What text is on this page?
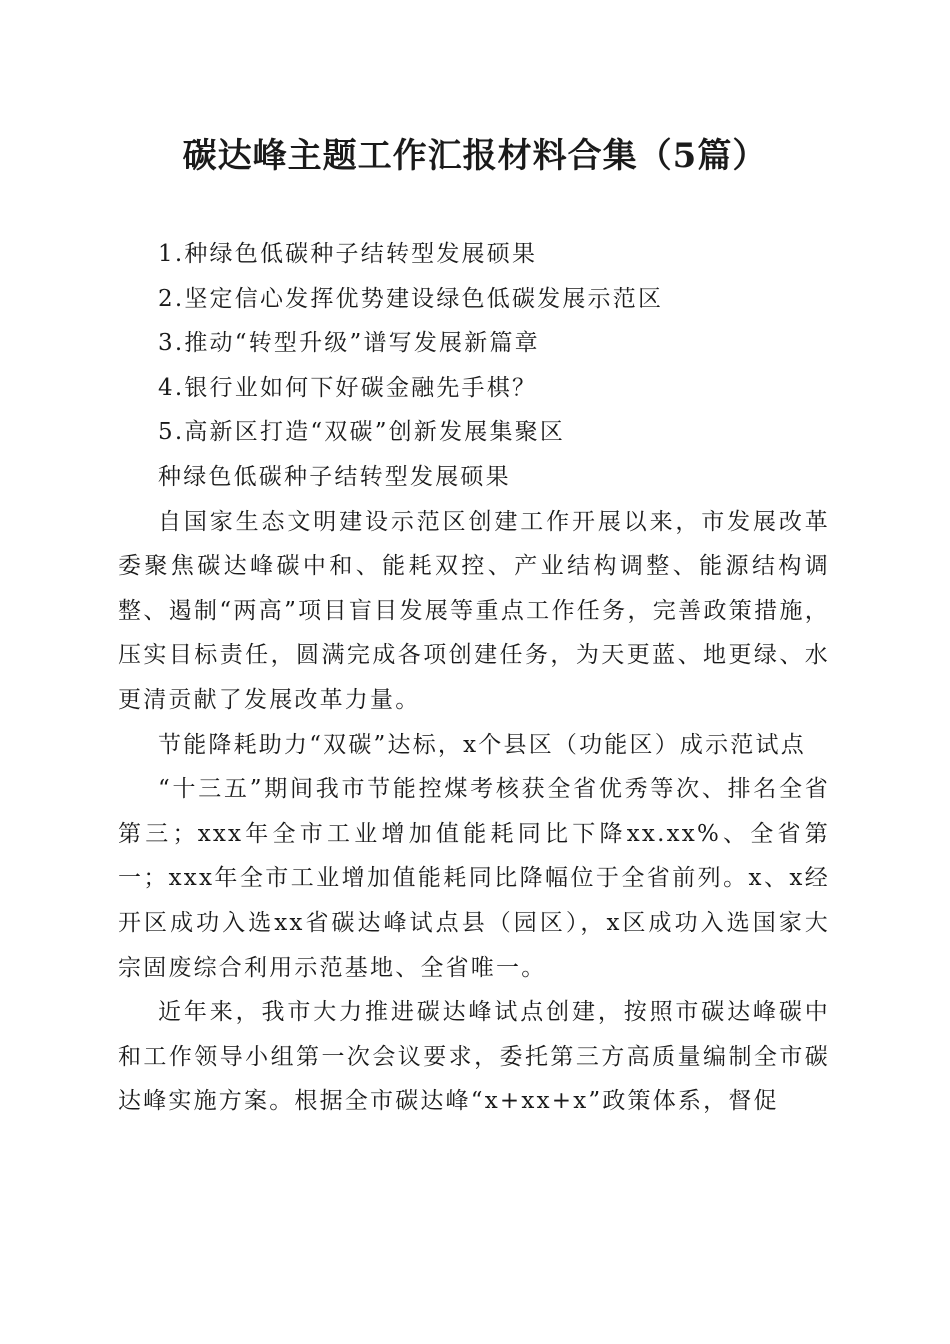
碳达峰主题工作汇报材料合集（5篇）

1.种绿色低碳种子结转型发展硕果

2.坚定信心发挥优势建设绿色低碳发展示范区

3.推动“转型升级”谱写发展新篇章

4.银行业如何下好碳金融先手棋？

5.高新区打造“双碳”创新发展集聚区

种绿色低碳种子结转型发展硕果

自国家生态文明建设示范区创建工作开展以来，市发展改革委聚焦碳达峰碳中和、能耗双控、产业结构调整、能源结构调整、遏制“两高”项目盲目发展等重点工作任务，完善政策措施，压实目标责任，圆满完成各项创建任务，为天更蓝、地更绿、水更清贡献了发展改革力量。

节能降耗助力“双碳”达标，x个县区（功能区）成示范试点

“十三五”期间我市节能控煤考核获全省优秀等次、排名全省第三；xxx年全市工业增加值能耗同比下降xx.xx%、全省第一；xxx年全市工业增加值能耗同比降幅位于全省前列。x、x经开区成功入选xx省碳达峰试点县（园区），x区成功入选国家大宗固废综合利用示范基地、全省唯一。

近年来，我市大力推进碳达峰试点创建，按照市碳达峰碳中和工作领导小组第一次会议要求，委托第三方高质量编制全市碳达峰实施方案。根据全市碳达峰“x+xx+x”政策体系，督促
